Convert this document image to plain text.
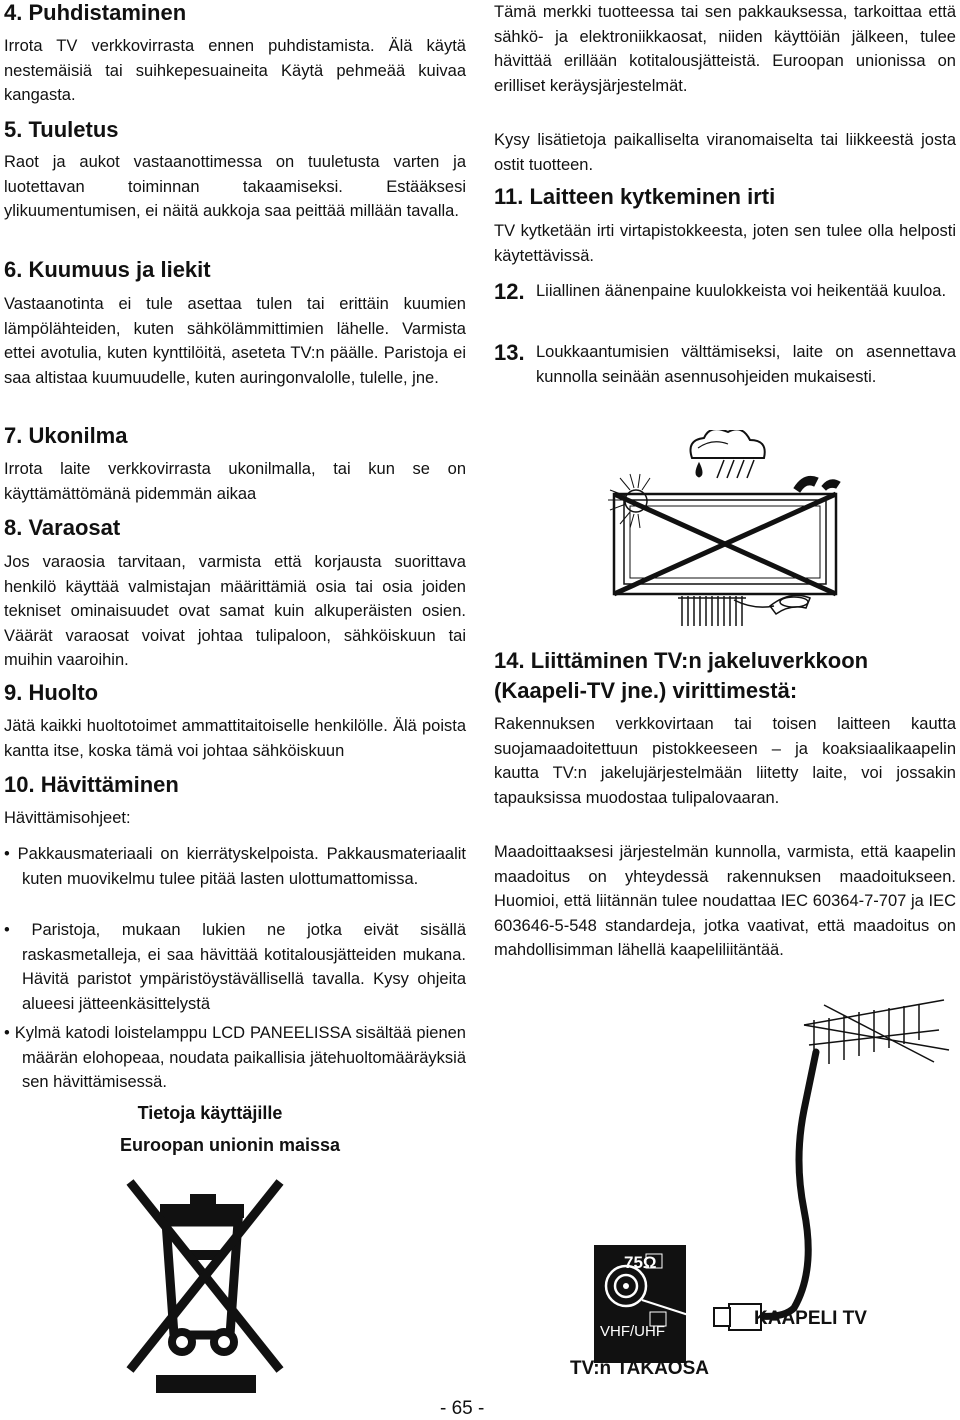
4. Puhdistaminen

Irrota TV verkkovirrasta ennen puhdistamista. Älä käytä nestemäisiä tai suihkepesuaineita Käytä pehmeää kuivaa kangasta.

5. Tuuletus

Raot ja aukot vastaanottimessa on tuuletusta varten ja luotettavan toiminnan takaamiseksi. Estääksesi ylikuumentumisen, ei näitä aukkoja saa peittää millään tavalla.

6. Kuumuus ja liekit

Vastaanotinta ei tule asettaa tulen tai erittäin kuumien lämpölähteiden, kuten sähkölämmittimien lähelle. Varmista ettei avotulia, kuten kynttilöitä, aseteta TV:n päälle. Paristoja ei saa altistaa kuumuudelle, kuten auringonvalolle, tulelle, jne.

7. Ukonilma

Irrota laite verkkovirrasta ukonilmalla, tai kun se on käyttämättömänä pidemmän aikaa

8. Varaosat

Jos varaosia tarvitaan, varmista että korjausta suorittava henkilö käyttää valmistajan määrittämiä osia tai osia joiden tekniset ominaisuudet ovat samat kuin alkuperäisten osien. Väärät varaosat voivat johtaa tulipaloon, sähköiskuun tai muihin vaaroihin.

9. Huolto

Jätä kaikki huoltotoimet ammattitaitoiselle henkilölle. Älä poista kantta itse, koska tämä voi johtaa sähköiskuun

10. Hävittäminen

Hävittämisohjeet:

• Pakkausmateriaali on kierrätyskelpoista. Pakkausmateriaalit kuten muovikelmu tulee pitää lasten ulottumattomissa.

• Paristoja, mukaan lukien ne jotka eivät sisällä raskasmetalleja, ei saa hävittää kotitalousjätteiden mukana. Hävitä paristot ympäristöystävällisellä tavalla. Kysy ohjeita alueesi jätteenkäsittelystä

• Kylmä katodi loistelamppu LCD PANEELISSA sisältää pienen määrän elohopeaa, noudata paikallisia jätehuoltomääräyksiä sen hävittämisessä.

Tietoja käyttäjille

Euroopan unionin maissa

Tämä merkki tuotteessa tai sen pakkauksessa, tarkoittaa että sähkö- ja elektroniikkaosat, niiden käyttöiän jälkeen, tulee hävittää erillään kotitalousjätteistä. Euroopan unionissa on erilliset keräysjärjestelmät.

Kysy lisätietoja paikalliselta viranomaiselta tai liikkeestä josta ostit tuotteen.

11. Laitteen kytkeminen irti

TV kytketään irti virtapistokkeesta, joten sen tulee olla helposti käytettävissä.

12. Liiallinen äänenpaine kuulokkeista voi heikentää kuuloa.
13. Loukkaantumisien välttämiseksi, laite on asennettava kunnolla seinään asennusohjeiden mukaisesti.
14. Liittäminen TV:n jakeluverkkoon
(Kaapeli-TV jne.) virittimestä:

Rakennuksen verkkovirtaan tai toisen laitteen kautta suojamaadoitettuun pistokkeeseen – ja koaksiaalikaapelin kautta TV:n jakelujärjestelmään liitetty laite, voi jossakin tapauksissa muodostaa tulipalovaaran.

Maadoittaaksesi järjestelmän kunnolla, varmista, että kaapelin maadoitus on yhteydessä rakennuksen maadoitukseen. Huomioi, että liitännän tulee noudattaa IEC 60364-7-707 ja IEC 603646-5-548 standardeja, jotka vaativat, että maadoitus on mahdollisimman lähellä kaapeliliitäntää.

75Ω
VHF/UHF
KAAPELI TV
TV:n TAKAOSA
- 65 -
